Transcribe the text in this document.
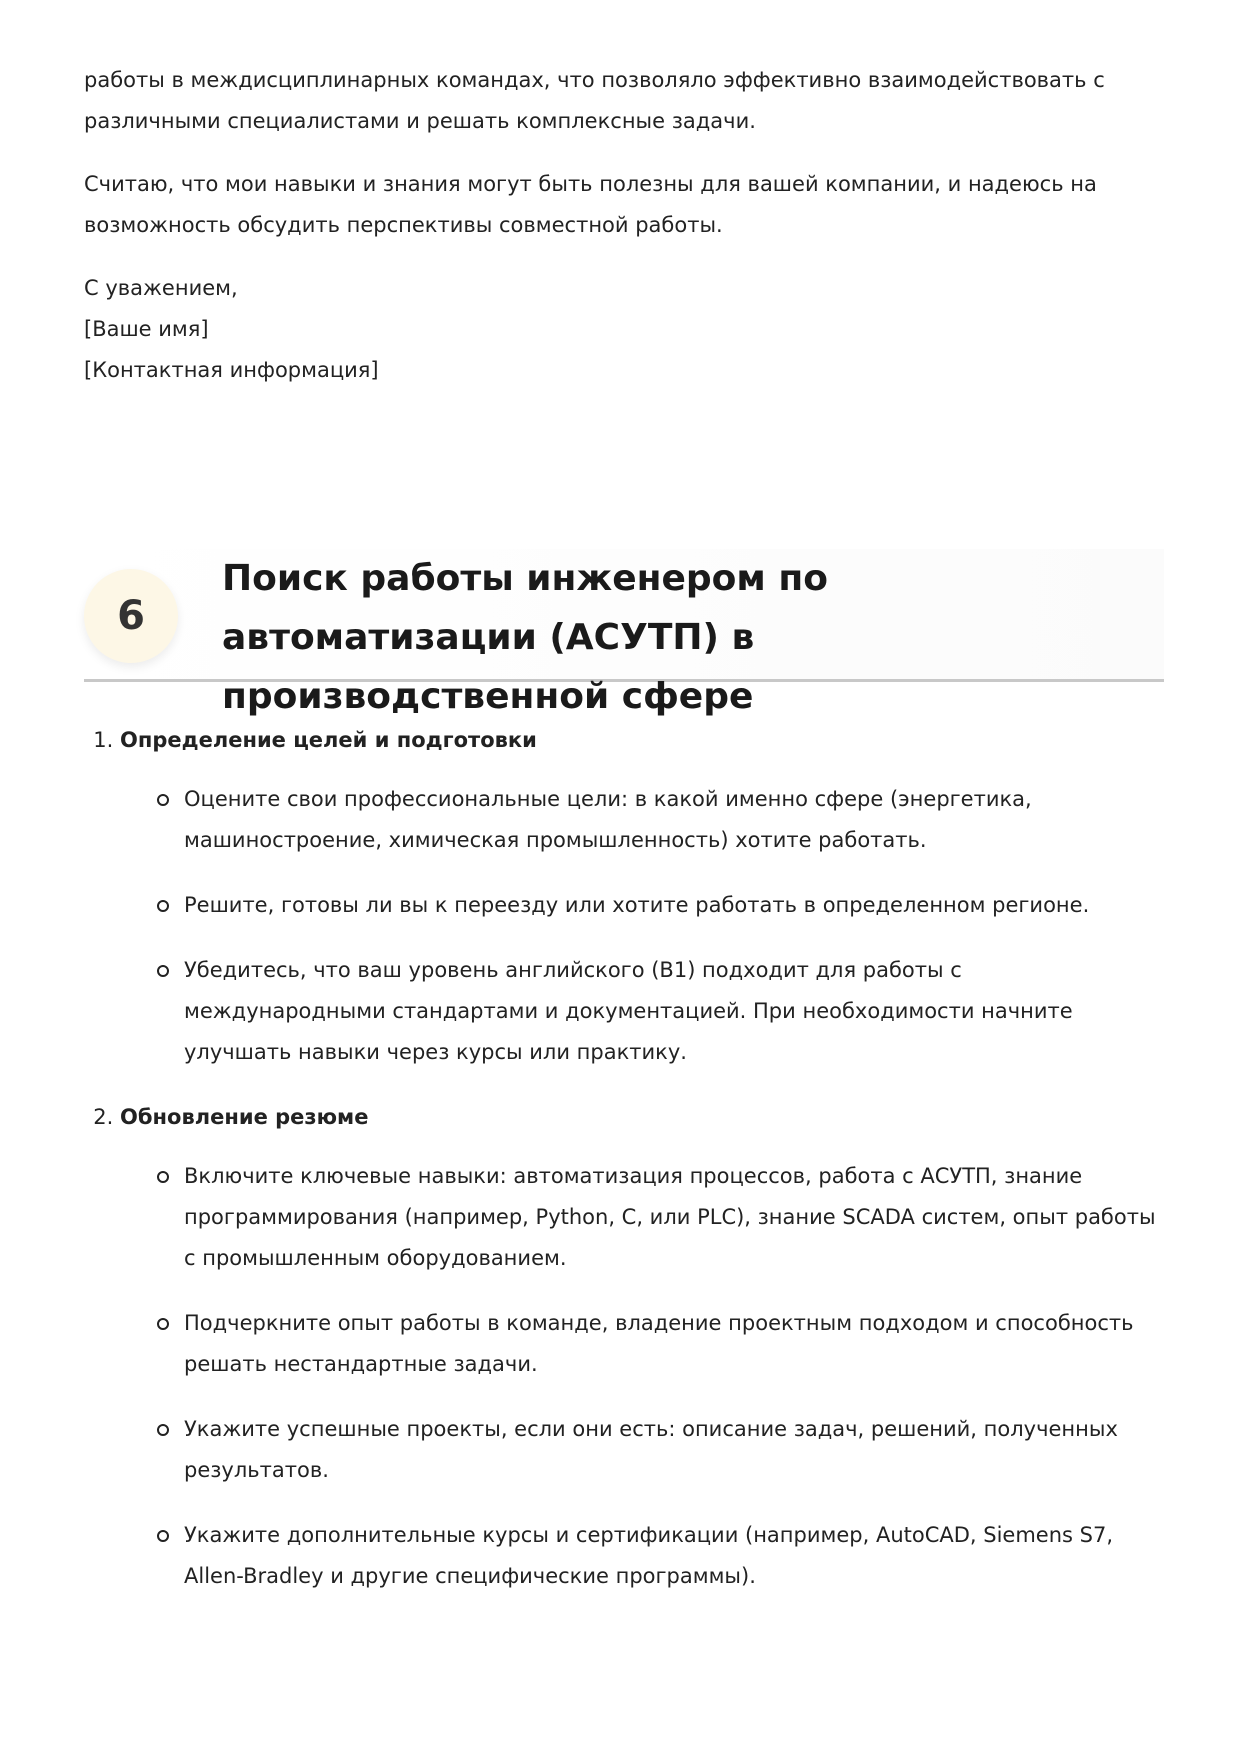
работы в междисциплинарных командах, что позволяло эффективно взаимодействовать с различными специалистами и решать комплексные задачи.

Считаю, что мои навыки и знания могут быть полезны для вашей компании, и надеюсь на возможность обсудить перспективы совместной работы.

С уважением,
[Ваше имя]
[Контактная информация]
6
Поиск работы инженером по автоматизации (АСУТП) в производственной сфере
1. Определение целей и подготовки
Оцените свои профессиональные цели: в какой именно сфере (энергетика, машиностроение, химическая промышленность) хотите работать.
Решите, готовы ли вы к переезду или хотите работать в определенном регионе.
Убедитесь, что ваш уровень английского (B1) подходит для работы с международными стандартами и документацией. При необходимости начните улучшать навыки через курсы или практику.
2. Обновление резюме
Включите ключевые навыки: автоматизация процессов, работа с АСУТП, знание программирования (например, Python, C, или PLC), знание SCADA систем, опыт работы с промышленным оборудованием.
Подчеркните опыт работы в команде, владение проектным подходом и способность решать нестандартные задачи.
Укажите успешные проекты, если они есть: описание задач, решений, полученных результатов.
Укажите дополнительные курсы и сертификации (например, AutoCAD, Siemens S7, Allen-Bradley и другие специфические программы).
